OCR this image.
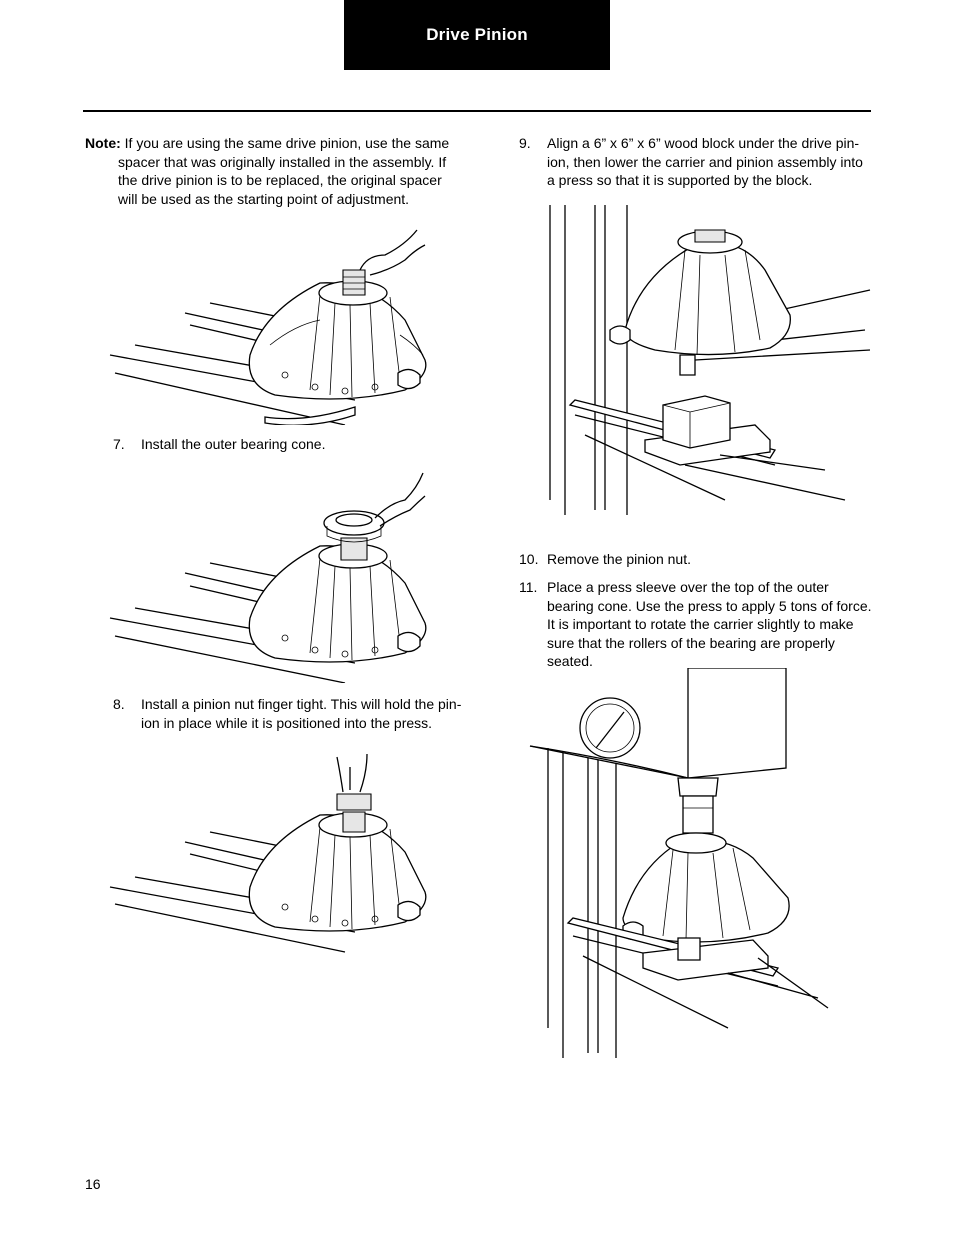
Drive Pinion
Note: If you are using the same drive pinion, use the same spacer that was originally installed in the assembly. If the drive pinion is to be replaced, the original spacer will be used as the starting point of adjustment.
7.	Install the outer bearing cone.
8.	Install a pinion nut finger tight. This will hold the pin-ion in place while it is positioned into the press.
9.	Align a 6” x 6” x 6” wood block under the drive pin-ion, then lower the carrier and pinion assembly into a press so that it is supported by the block.
10. Remove the pinion nut.
11. Place a press sleeve over the top of the outer bearing cone. Use the press to apply 5 tons of force. It is important to rotate the carrier slightly to make sure that the rollers of the bearing are properly seated.
16
